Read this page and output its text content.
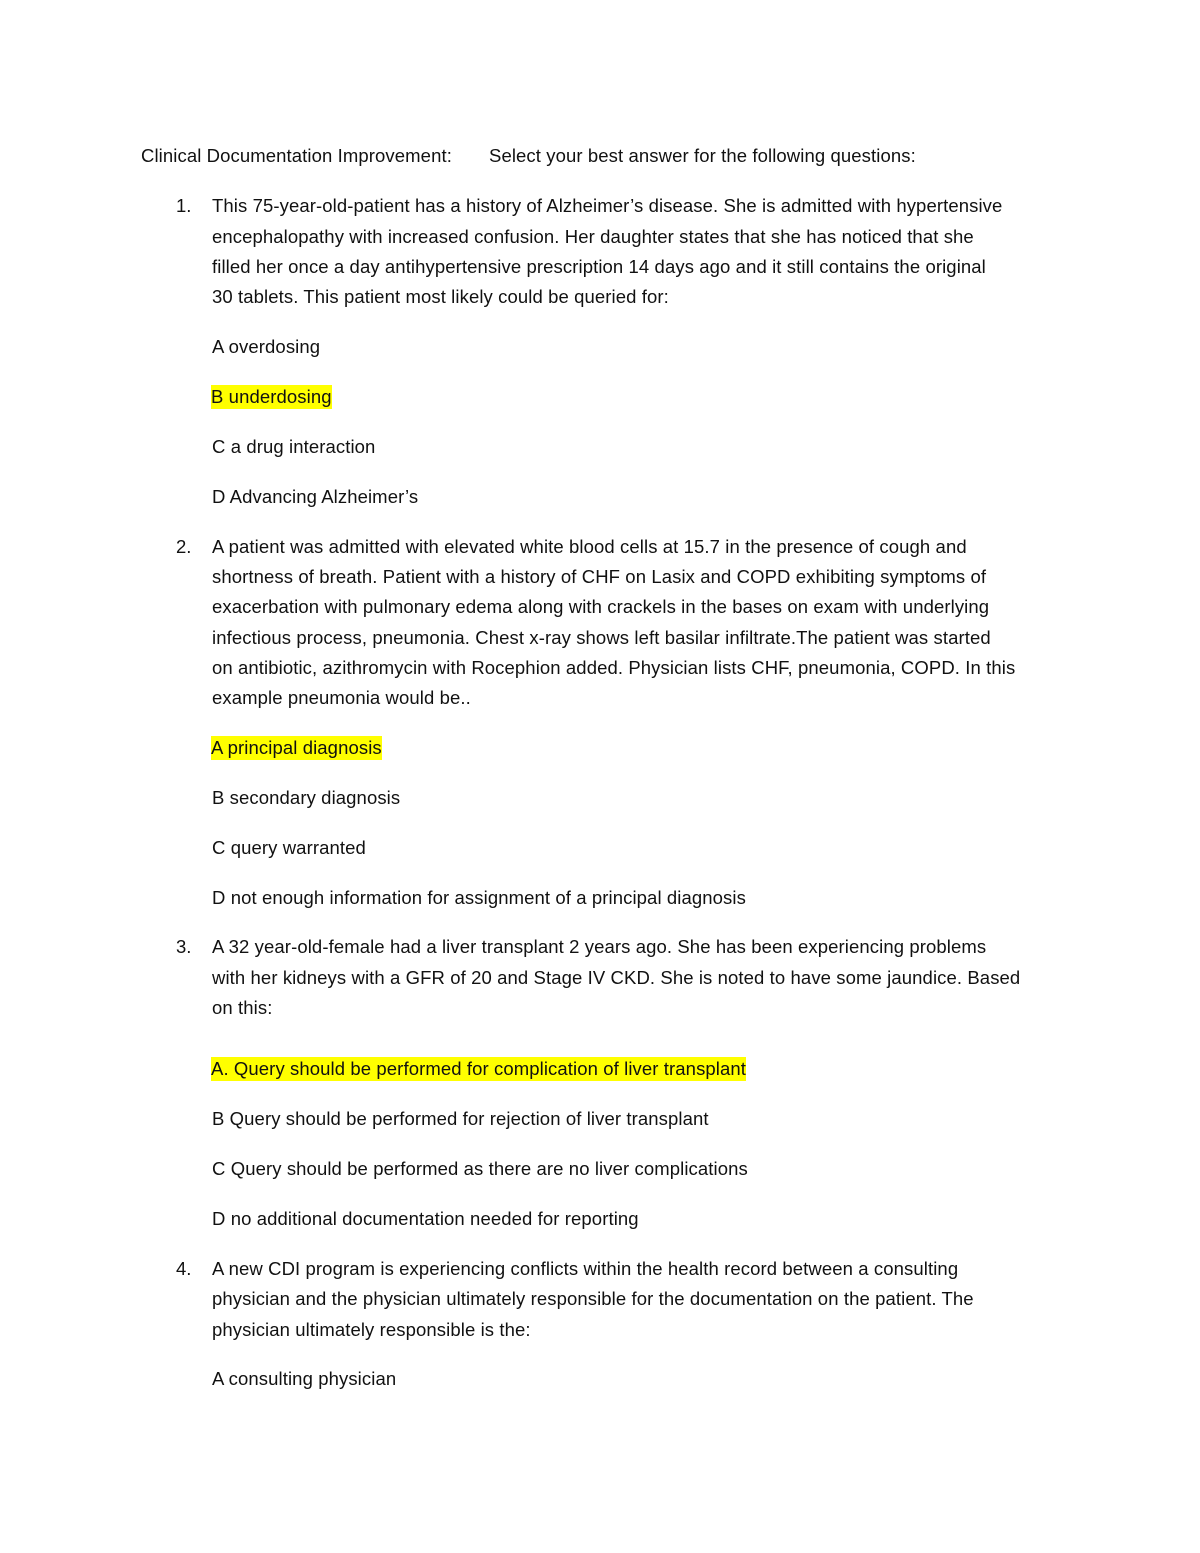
Clinical Documentation Improvement: Select your best answer for the following questions:
1. This 75-year-old-patient has a history of Alzheimer’s disease. She is admitted with hypertensive
encephalopathy with increased confusion. Her daughter states that she has noticed that she
filled her once a day antihypertensive prescription 14 days ago and it still contains the original
30 tablets. This patient most likely could be queried for:
A overdosing
B underdosing
C a drug interaction
D Advancing Alzheimer’s
2. A patient was admitted with elevated white blood cells at 15.7 in the presence of cough and
shortness of breath. Patient with a history of CHF on Lasix and COPD exhibiting symptoms of
exacerbation with pulmonary edema along with crackels in the bases on exam with underlying
infectious process, pneumonia. Chest x-ray shows left basilar infiltrate.The patient was started
on antibiotic, azithromycin with Rocephion added. Physician lists CHF, pneumonia, COPD. In this
example pneumonia would be..
A principal diagnosis
B secondary diagnosis
C query warranted
D not enough information for assignment of a principal diagnosis
3. A 32 year-old-female had a liver transplant 2 years ago. She has been experiencing problems
with her kidneys with a GFR of 20 and Stage IV CKD. She is noted to have some jaundice. Based
on this:
A. Query should be performed for complication of liver transplant
B Query should be performed for rejection of liver transplant
C Query should be performed as there are no liver complications
D no additional documentation needed for reporting
4. A new CDI program is experiencing conflicts within the health record between a consulting
physician and the physician ultimately responsible for the documentation on the patient. The
physician ultimately responsible is the:
A consulting physician
